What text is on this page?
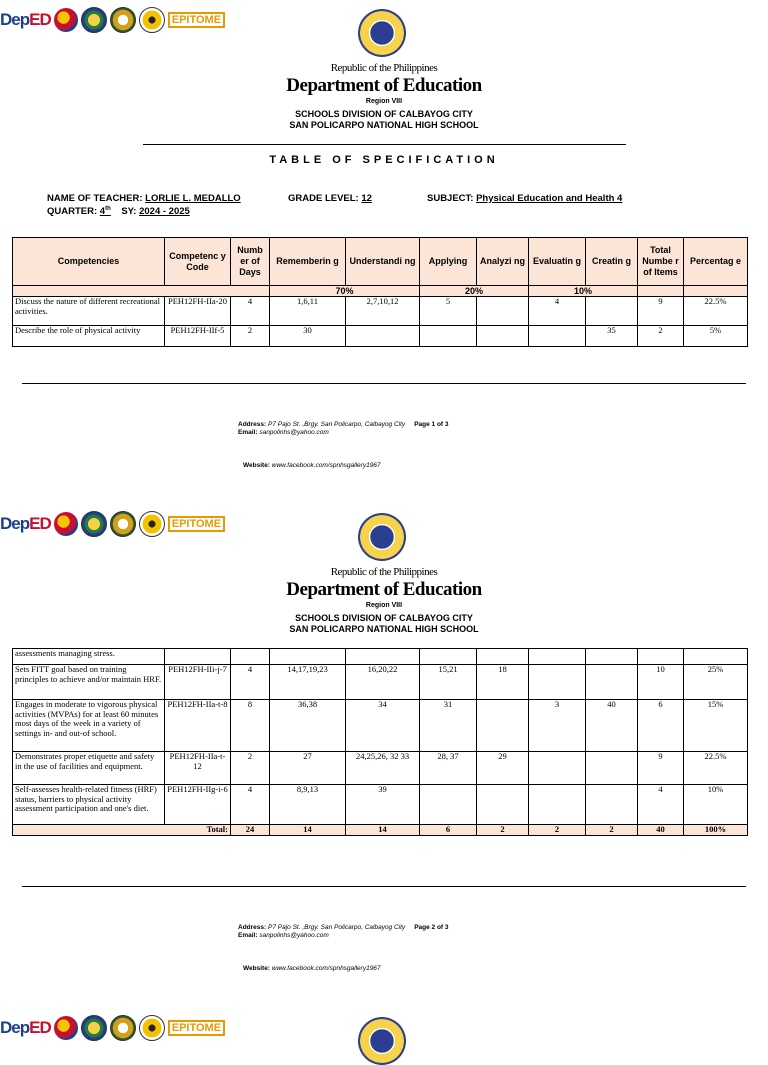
DepED	EPITOME
Republic of the Philippines
Department of Education
Region VIII
SCHOOLS DIVISION OF CALBAYOG CITY
SAN POLICARPO NATIONAL HIGH SCHOOL
TABLE OF SPECIFICATION
NAME OF TEACHER: LORLIE L. MEDALLO
QUARTER: 4th SY: 2024 - 2025
GRADE LEVEL: 12	SUBJECT: Physical Education and Health 4
Competencies	Competenc y Code	Numb er of Days	Rememberin g	Understandi ng	Applying	Analyzi ng	Evaluatin g	Creatin g	Total Numbe r of Items	Percentag e
			70%		20%		10%			
Discuss the nature of different recreational activities.	PEH12FH-IIa-20	4	1,6,11	2,7,10,12	5		4		9	22.5%
Describe the role of physical activity	PEH12FH-IIf-5	2	30					35	2	5%
Address: P7 Pajo St. ,Brgy. San Policarpo, Calbayog City Page 1 of 3
Email: sanpolinhs@yahoo.com
Website: www.facebook.com/spnhsgallery1967
DepED	EPITOME
Republic of the Philippines
Department of Education
Region VIII
SCHOOLS DIVISION OF CALBAYOG CITY
SAN POLICARPO NATIONAL HIGH SCHOOL
assessments managing stress.										
Sets FITT goal based on training principles to achieve and/or maintain HRF.	PEH12FH-IIi-j-7	4	14,17,19,23	16,20,22	15,21	18			10	25%
Engages in moderate to vigorous physical activities (MVPAs) for at least 60 minutes most days of the week in a variety of settings in- and out-of school.	PEH12FH-IIa-t-8	8	36,38	34	31		3	40	6	15%
Demonstrates proper etiquette and safety in the use of facilities and equipment.	PEH12FH-IIa-t-12	2	27	24,25,26, 32 33	28, 37	29			9	22.5%
Self-assesses health-related fitness (HRF) status, barriers to physical activity assessment participation and one's diet.	PEH12FH-IIg-i-6	4	8,9,13	39					4	10%
Total:		24	14	14	6	2	2	2	40	100%
Address: P7 Pajo St. ,Brgy. San Policarpo, Calbayog City Page 2 of 3
Email: sanpolinhs@yahoo.com
Website: www.facebook.com/spnhsgallery1967
DepED	EPITOME
